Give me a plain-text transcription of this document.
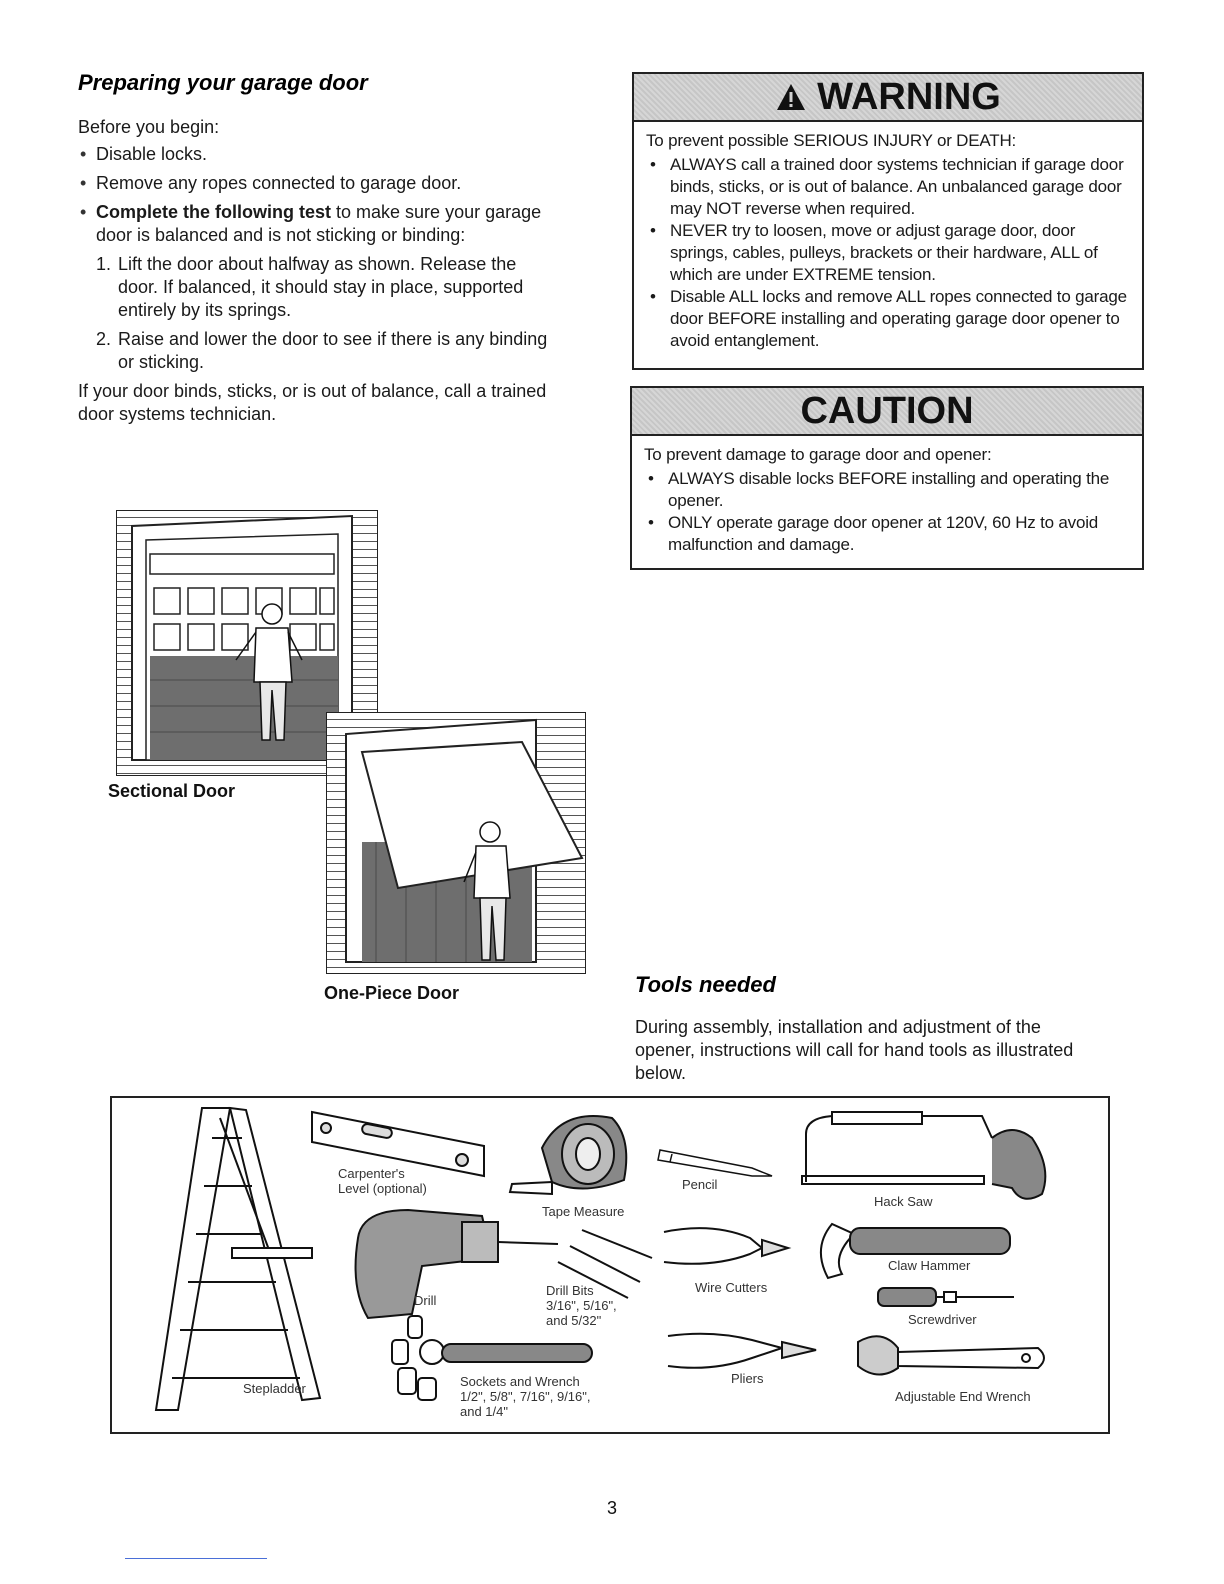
Preparing your garage door
Before you begin:
• Disable locks.
• Remove any ropes connected to garage door.
• Complete the following test to make sure your garage door is balanced and is not sticking or binding:
1. Lift the door about halfway as shown. Release the door. If balanced, it should stay in place, supported entirely by its springs.
2. Raise and lower the door to see if there is any binding or sticking.
If your door binds, sticks, or is out of balance, call a trained door systems technician.
Sectional Door
One-Piece Door
WARNING
To prevent possible SERIOUS INJURY or DEATH:
• ALWAYS call a trained door systems technician if garage door binds, sticks, or is out of balance. An unbalanced garage door may NOT reverse when required.
• NEVER try to loosen, move or adjust garage door, door springs, cables, pulleys, brackets or their hardware, ALL of which are under EXTREME tension.
• Disable ALL locks and remove ALL ropes connected to garage door BEFORE installing and operating garage door opener to avoid entanglement.
CAUTION
To prevent damage to garage door and opener:
• ALWAYS disable locks BEFORE installing and operating the opener.
• ONLY operate garage door opener at 120V, 60 Hz to avoid malfunction and damage.
Tools needed
During assembly, installation and adjustment of the opener, instructions will call for hand tools as illustrated below.
Carpenter's
Level (optional)
Tape Measure
Pencil
Hack Saw
Drill
Drill Bits
3/16", 5/16",
and 5/32"
Wire Cutters
Claw Hammer
Screwdriver
Sockets and Wrench
1/2", 5/8", 7/16", 9/16",
and 1/4"
Pliers
Adjustable End Wrench
Stepladder
3
